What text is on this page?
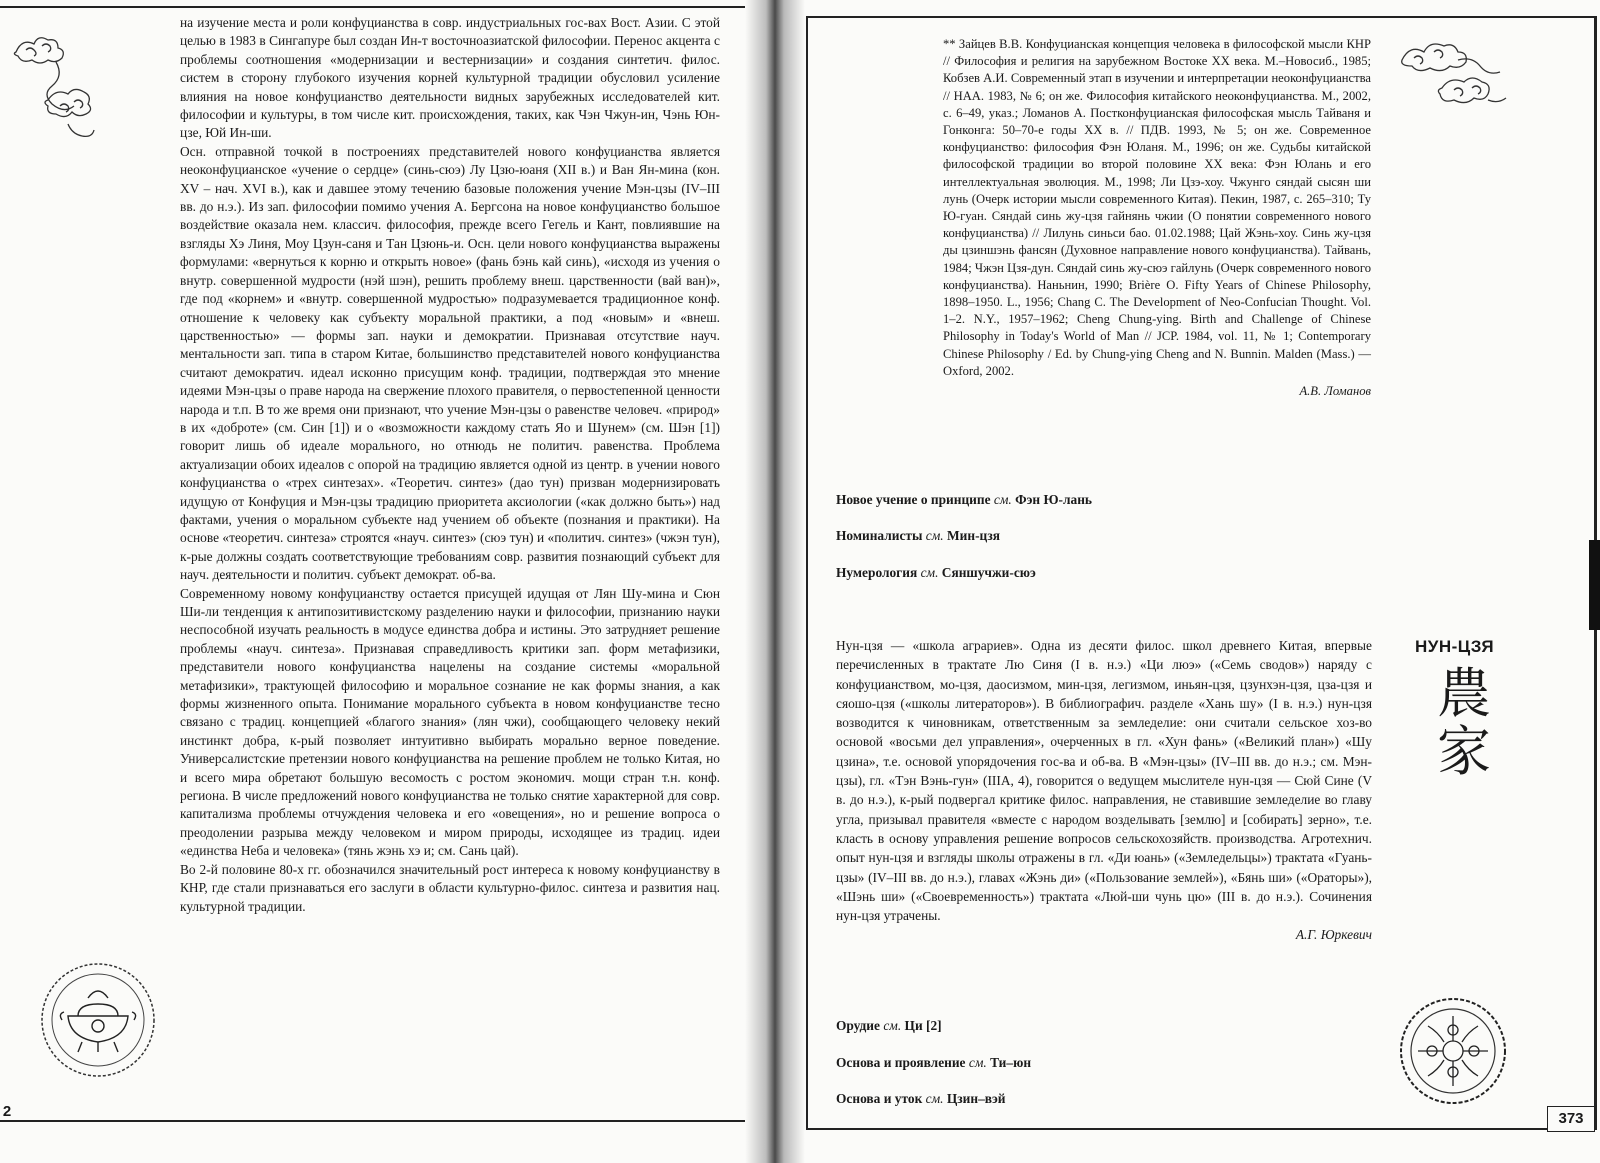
на изучение места и роли конфуцианства в совр. индустриальных гос-вах Вост. Азии. С этой целью в 1983 в Сингапуре был создан Ин-т восточноазиатской философии. Перенос акцента с проблемы соотношения «модернизации и вестернизации» и создания синтетич. филос. систем в сторону глубокого изучения корней культурной традиции обусловил усиление влияния на новое конфуцианство деятельности видных зарубежных исследователей кит. философии и культуры, в том числе кит. происхождения, таких, как Чэн Чжун-ин, Чэнь Юн-цзе, Юй Ин-ши.

Осн. отправной точкой в построениях представителей нового конфуцианства является неоконфуцианское «учение о сердце» (синь-сюэ) Лу Цзю-юаня (XII в.) и Ван Ян-мина (кон. XV – нач. XVI в.), как и давшее этому течению базовые положения учение Мэн-цзы (IV–III вв. до н.э.). Из зап. философии помимо учения А. Бергсона на новое конфуцианство большое воздействие оказала нем. классич. философия, прежде всего Гегель и Кант, повлиявшие на взгляды Хэ Линя, Моу Цзун-саня и Тан Цзюнь-и. Осн. цели нового конфуцианства выражены формулами: «вернуться к корню и открыть новое» (фань бэнь кай синь), «исходя из учения о внутр. совершенной мудрости (нэй шэн), решить проблему внеш. царственности (вай ван)», где под «корнем» и «внутр. совершенной мудростью» подразумевается традиционное конф. отношение к человеку как субъекту моральной практики, а под «новым» и «внеш. царственностью» — формы зап. науки и демократии. Признавая отсутствие науч. ментальности зап. типа в старом Китае, большинство представителей нового конфуцианства считают демократич. идеал исконно присущим конф. традиции, подтверждая это мнение идеями Мэн-цзы о праве народа на свержение плохого правителя, о первостепенной ценности народа и т.п. В то же время они признают, что учение Мэн-цзы о равенстве человеч. «природ» в их «доброте» (см. Син [1]) и о «возможности каждому стать Яо и Шунем» (см. Шэн [1]) говорит лишь об идеале морального, но отнюдь не политич. равенства. Проблема актуализации обоих идеалов с опорой на традицию является одной из центр. в учении нового конфуцианства о «трех синтезах». «Теоретич. синтез» (дао тун) призван модернизировать идущую от Конфуция и Мэн-цзы традицию приоритета аксиологии («как должно быть») над фактами, учения о моральном субъекте над учением об объекте (познания и практики). На основе «теоретич. синтеза» строятся «науч. синтез» (сюэ тун) и «политич. синтез» (чжэн тун), к-рые должны создать соответствующие требованиям совр. развития познающий субъект для науч. деятельности и политич. субъект демократ. об-ва.

Современному новому конфуцианству остается присущей идущая от Лян Шу-мина и Сюн Ши-ли тенденция к антипозитивистскому разделению науки и философии, признанию науки неспособной изучать реальность в модусе единства добра и истины. Это затрудняет решение проблемы «науч. синтеза». Признавая справедливость критики зап. форм метафизики, представители нового конфуцианства нацелены на создание системы «моральной метафизики», трактующей философию и моральное сознание не как формы знания, а как формы жизненного опыта. Понимание морального субъекта в новом конфуцианстве тесно связано с традиц. концепцией «благого знания» (лян чжи), сообщающего человеку некий инстинкт добра, к-рый позволяет интуитивно выбирать морально верное поведение. Универсалистские претензии нового конфуцианства на решение проблем не только Китая, но и всего мира обретают большую весомость с ростом экономич. мощи стран т.н. конф. региона. В числе предложений нового конфуцианства не только снятие характерной для совр. капитализма проблемы отчуждения человека и его «овещения», но и решение вопроса о преодолении разрыва между человеком и миром природы, исходящее из традиц. идеи «единства Неба и человека» (тянь жэнь хэ и; см. Сань цай).

Во 2-й половине 80-х гг. обозначился значительный рост интереса к новому конфуцианству в КНР, где стали признаваться его заслуги в области культурно-филос. синтеза и развития нац. культурной традиции.

2
** Зайцев В.В. Конфуцианская концепция человека в философской мысли КНР // Философия и религия на зарубежном Востоке XX века. М.–Новосиб., 1985; Кобзев А.И. Современный этап в изучении и интерпретации неоконфуцианства // НАА. 1983, № 6; он же. Философия китайского неоконфуцианства. М., 2002, с. 6–49, указ.; Ломанов А. Постконфуцианская философская мысль Тайваня и Гонконга: 50–70-е годы XX в. // ПДВ. 1993, № 5; он же. Современное конфуцианство: философия Фэн Юланя. М., 1996; он же. Судьбы китайской философской традиции во второй половине XX века: Фэн Юлань и его интеллектуальная эволюция. М., 1998; Ли Цзэ-хоу. Чжунго сяндай сысян ши лунь (Очерк истории мысли современного Китая). Пекин, 1987, с. 265–310; Ту Ю-гуан. Сяндай синь жу-цзя гайнянь чжии (О понятии современного нового конфуцианства) // Лилунь синьси бао. 01.02.1988; Цай Жэнь-хоу. Синь жу-цзя ды цзиншэнь фансян (Духовное направление нового конфуцианства). Тайвань, 1984; Чжэн Цзя-дун. Сяндай синь жу-сюэ гайлунь (Очерк современного нового конфуцианства). Наньнин, 1990; Brière O. Fifty Years of Chinese Philosophy, 1898–1950. L., 1956; Chang C. The Development of Neo-Confucian Thought. Vol. 1–2. N.Y., 1957–1962; Cheng Chung-ying. Birth and Challenge of Chinese Philosophy in Today's World of Man // JCP. 1984, vol. 11, № 1; Contemporary Chinese Philosophy / Ed. by Chung-ying Cheng and N. Bunnin. Malden (Mass.) — Oxford, 2002.
А.В. Ломанов
Новое учение о принципе см. Фэн Ю-лань
Номиналисты см. Мин-цзя
Нумерология см. Сяншучжи-сюэ
Нун-цзя — «школа аграриев». Одна из десяти филос. школ древнего Китая, впервые перечисленных в трактате Лю Синя (I в. н.э.) «Ци люэ» («Семь сводов») наряду с конфуцианством, мо-цзя, даосизмом, мин-цзя, легизмом, иньян-цзя, цзунхэн-цзя, цза-цзя и сяошо-цзя («школы литераторов»). В библиографич. разделе «Хань шу» (I в. н.э.) нун-цзя возводится к чиновникам, ответственным за земледелие: они считали сельское хоз-во основой «восьми дел управления», очерченных в гл. «Хун фань» («Великий план») «Шу цзина», т.е. основой упорядочения гос-ва и об-ва. В «Мэн-цзы» (IV–III вв. до н.э.; см. Мэн-цзы), гл. «Тэн Вэнь-гун» (IIIА, 4), говорится о ведущем мыслителе нун-цзя — Сюй Сине (V в. до н.э.), к-рый подвергал критике филос. направления, не ставившие земледелие во главу угла, призывал правителя «вместе с народом возделывать [землю] и [собирать] зерно», т.е. класть в основу управления решение вопросов сельскохозяйств. производства. Агротехнич. опыт нун-цзя и взгляды школы отражены в гл. «Ди юань» («Земледельцы») трактата «Гуань-цзы» (IV–III вв. до н.э.), главах «Жэнь ди» («Пользование землей»), «Бянь ши» («Ораторы»), «Шэнь ши» («Своевременность») трактата «Люй-ши чунь цю» (III в. до н.э.). Сочинения нун-цзя утрачены.
А.Г. Юркевич
НУН-ЦЗЯ
農
家
Орудие см. Ци [2]
Основа и проявление см. Ти–юн
Основа и уток см. Цзин–вэй
373
